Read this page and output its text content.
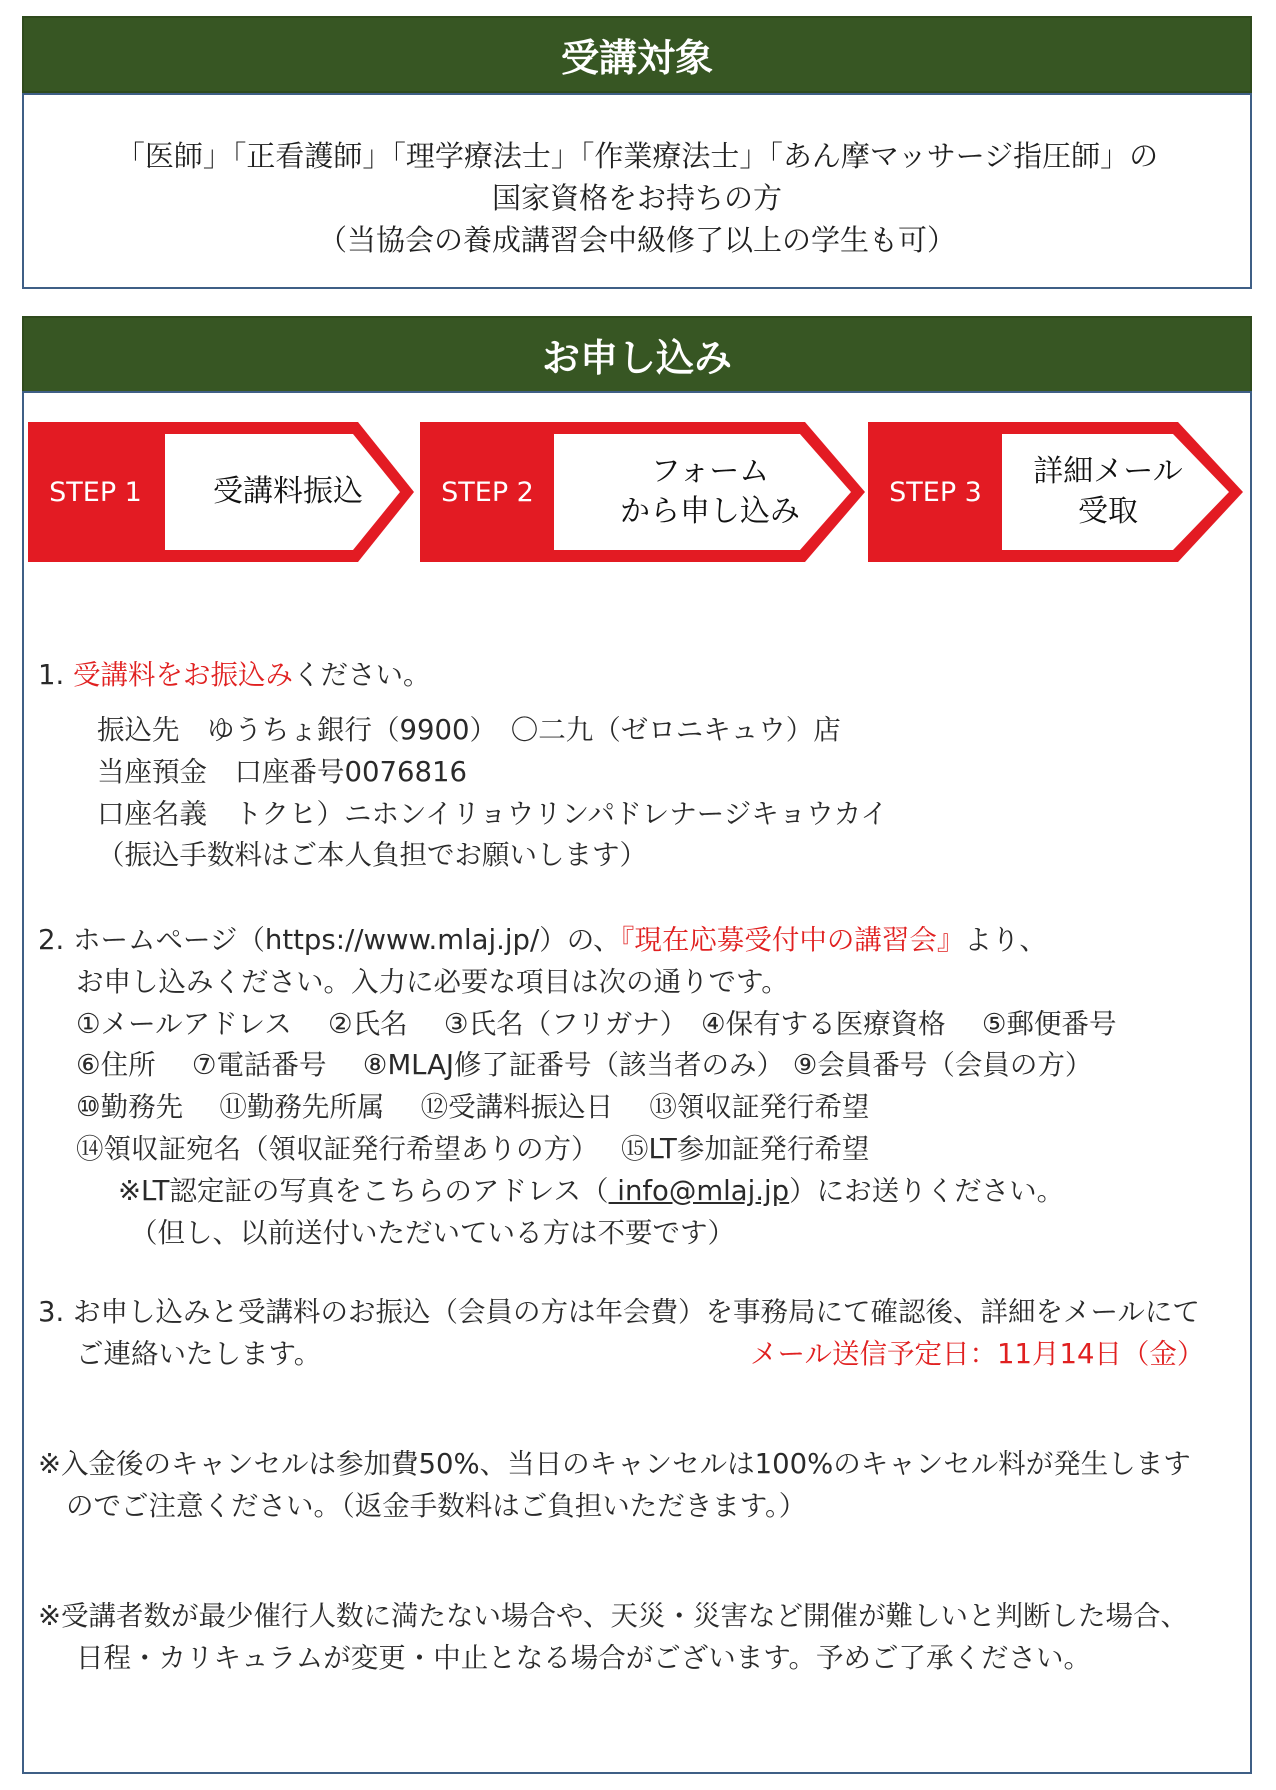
受講対象
「医師」「正看護師」「理学療法士」「作業療法士」「あん摩マッサージ指圧師」の
国家資格をお持ちの方
（当協会の養成講習会中級修了以上の学生も可）
お申し込み
STEP 1	受講料振込	STEP 2
フォーム
から申し込み
STEP 3
詳細メール
受取
1. 受講料をお振込みください。
振込先　ゆうちょ銀行（9900）　〇二九（ゼロニキュウ）店
当座預金　口座番号0076816
口座名義　トクヒ）ニホンイリョウリンパドレナージキョウカイ
（振込手数料はご本人負担でお願いします）
2. ホームページ（https://www.mlaj.jp/）の、『現在応募受付中の講習会』より、
お申し込みください。入力に必要な項目は次の通りです。
①メールアドレス　 ②氏名　 ③氏名（フリガナ）　④保有する医療資格　 ⑤郵便番号
⑥住所　 ⑦電話番号　 ⑧MLAJ修了証番号（該当者のみ） ⑨会員番号（会員の方）
⑩勤務先　 ⑪勤務先所属　 ⑫受講料振込日　 ⑬領収証発行希望
⑭領収証宛名（領収証発行希望ありの方）　 ⑮LT参加証発行希望
※LT認定証の写真をこちらのアドレス（ info@mlaj.jp）にお送りください。
（但し、以前送付いただいている方は不要です）
3. お申し込みと受講料のお振込（会員の方は年会費）を事務局にて確認後、詳細をメールにて
ご連絡いたします。	メール送信予定日：11月14日（金）
※入金後のキャンセルは参加費50%、当日のキャンセルは100%のキャンセル料が発生します
のでご注意ください。（返金手数料はご負担いただきます。）
※受講者数が最少催行人数に満たない場合や、天災・災害など開催が難しいと判断した場合、
日程・カリキュラムが変更・中止となる場合がございます。予めご了承ください。
